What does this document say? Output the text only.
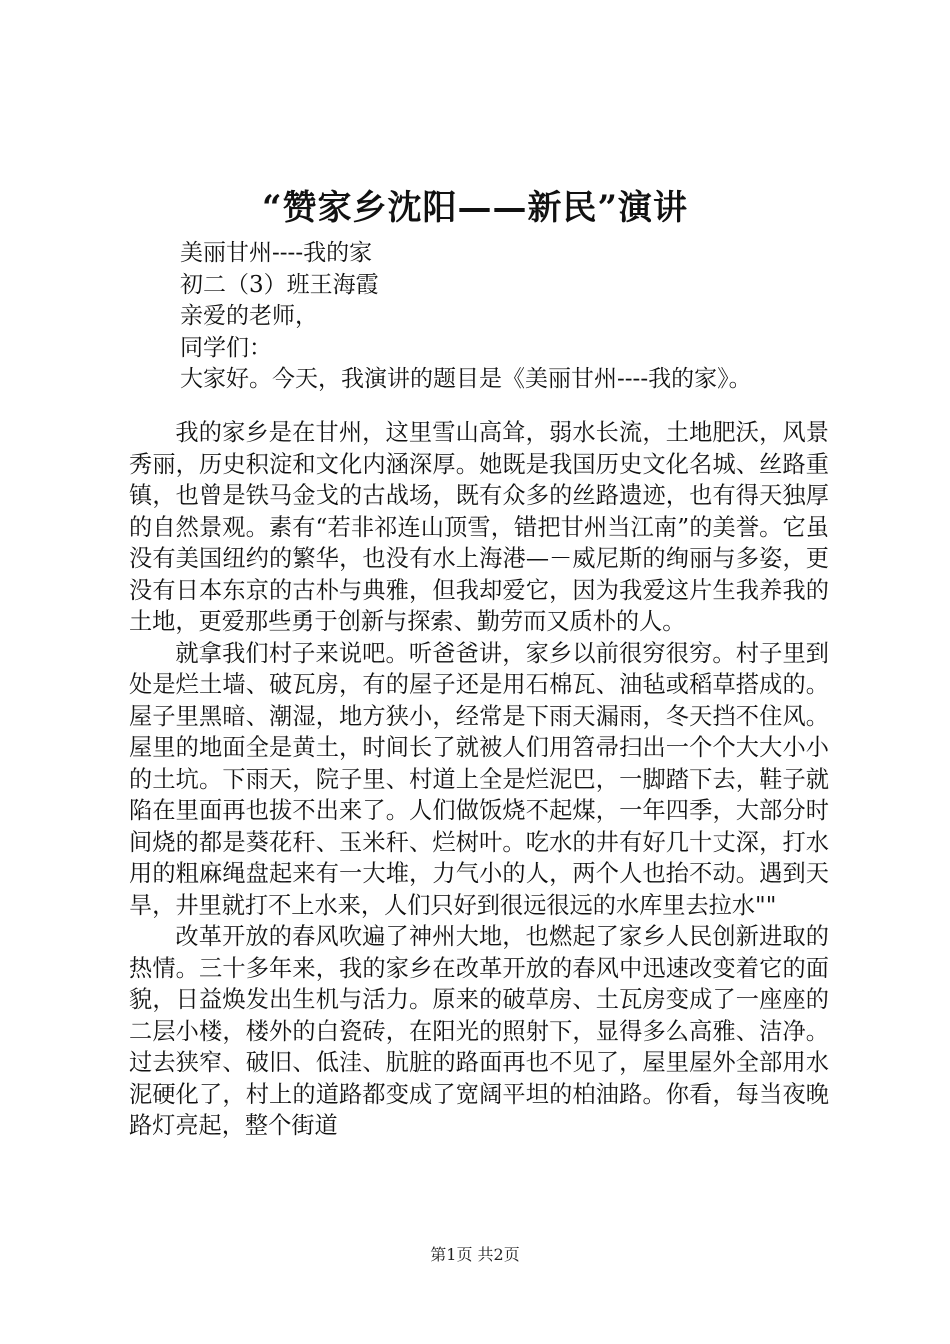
“赞家乡沈阳——新民”演讲
美丽甘州----我的家
初二（3）班王海霞
亲爱的老师，
同学们：
大家好。今天，我演讲的题目是《美丽甘州----我的家》。

我的家乡是在甘州，这里雪山高耸，弱水长流，土地肥沃，风景秀丽，历史积淀和文化内涵深厚。她既是我国历史文化名城、丝路重镇，也曾是铁马金戈的古战场，既有众多的丝路遗迹，也有得天独厚的自然景观。素有“若非祁连山顶雪，错把甘州当江南”的美誉。它虽没有美国纽约的繁华，也没有水上海港—－威尼斯的绚丽与多姿，更没有日本东京的古朴与典雅，但我却爱它，因为我爱这片生我养我的土地，更爱那些勇于创新与探索、勤劳而又质朴的人。

就拿我们村子来说吧。听爸爸讲，家乡以前很穷很穷。村子里到处是烂土墙、破瓦房，有的屋子还是用石棉瓦、油毡或稻草搭成的。屋子里黑暗、潮湿，地方狭小，经常是下雨天漏雨，冬天挡不住风。屋里的地面全是黄土，时间长了就被人们用笤帚扫出一个个大大小小的土坑。下雨天，院子里、村道上全是烂泥巴，一脚踏下去，鞋子就陷在里面再也拔不出来了。人们做饭烧不起煤，一年四季，大部分时间烧的都是葵花秆、玉米秆、烂树叶。吃水的井有好几十丈深，打水用的粗麻绳盘起来有一大堆，力气小的人，两个人也抬不动。遇到天旱，井里就打不上水来，人们只好到很远很远的水库里去拉水""

改革开放的春风吹遍了神州大地，也燃起了家乡人民创新进取的热情。三十多年来，我的家乡在改革开放的春风中迅速改变着它的面貌，日益焕发出生机与活力。原来的破草房、土瓦房变成了一座座的二层小楼，楼外的白瓷砖，在阳光的照射下，显得多么高雅、洁净。过去狭窄、破旧、低洼、肮脏的路面再也不见了，屋里屋外全部用水泥硬化了，村上的道路都变成了宽阔平坦的柏油路。你看，每当夜晚路灯亮起，整个街道

第1页 共2页
